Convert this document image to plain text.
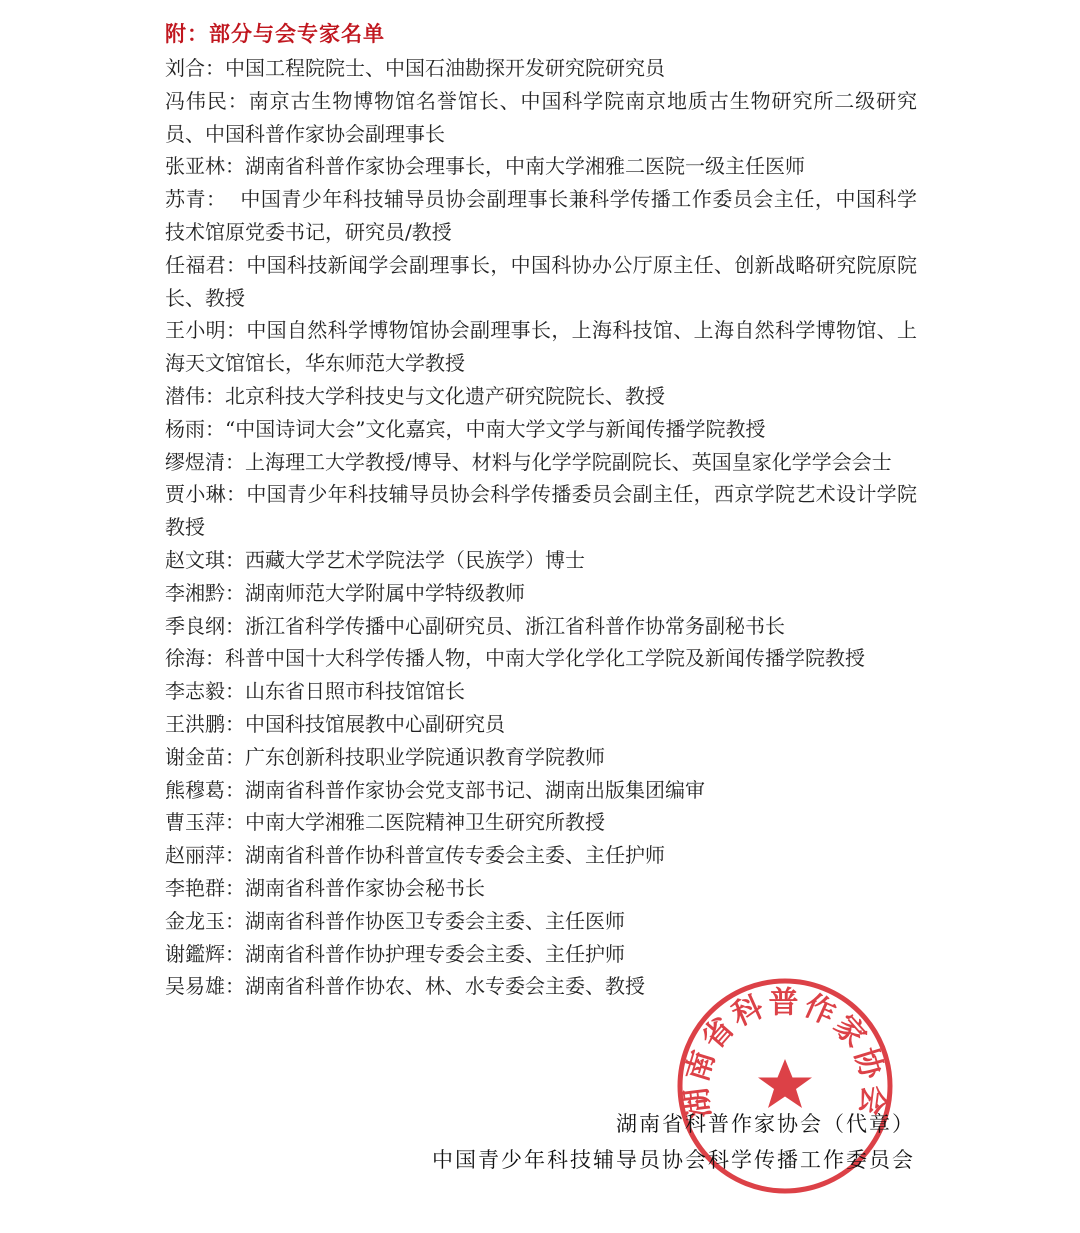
附：部分与会专家名单
刘合：中国工程院院士、中国石油勘探开发研究院研究员
冯伟民：南京古生物博物馆名誉馆长、中国科学院南京地质古生物研究所二级研究员、中国科普作家协会副理事长
张亚林：湖南省科普作家协会理事长，中南大学湘雅二医院一级主任医师
苏青：  中国青少年科技辅导员协会副理事长兼科学传播工作委员会主任，中国科学技术馆原党委书记，研究员/教授
任福君：中国科技新闻学会副理事长，中国科协办公厅原主任、创新战略研究院原院长、教授
王小明：中国自然科学博物馆协会副理事长，上海科技馆、上海自然科学博物馆、上海天文馆馆长，华东师范大学教授
潜伟：北京科技大学科技史与文化遗产研究院院长、教授
杨雨：“中国诗词大会”文化嘉宾，中南大学文学与新闻传播学院教授
缪煜清：上海理工大学教授/博导、材料与化学学院副院长、英国皇家化学学会会士
贾小琳：中国青少年科技辅导员协会科学传播委员会副主任，西京学院艺术设计学院教授
赵文琪：西藏大学艺术学院法学（民族学）博士
李湘黔：湖南师范大学附属中学特级教师
季良纲：浙江省科学传播中心副研究员、浙江省科普作协常务副秘书长
徐海：科普中国十大科学传播人物，中南大学化学化工学院及新闻传播学院教授
李志毅：山东省日照市科技馆馆长
王洪鹏：中国科技馆展教中心副研究员
谢金苗：广东创新科技职业学院通识教育学院教师
熊穆葛：湖南省科普作家协会党支部书记、湖南出版集团编审
曹玉萍：中南大学湘雅二医院精神卫生研究所教授
赵丽萍：湖南省科普作协科普宣传专委会主委、主任护师
李艳群：湖南省科普作家协会秘书长
金龙玉：湖南省科普作协医卫专委会主委、主任医师
谢鑑辉：湖南省科普作协护理专委会主委、主任护师
吴易雄：湖南省科普作协农、林、水专委会主委、教授
湖南省科普作家协会
湖南省科普作家协会（代章）
中国青少年科技辅导员协会科学传播工作委员会
